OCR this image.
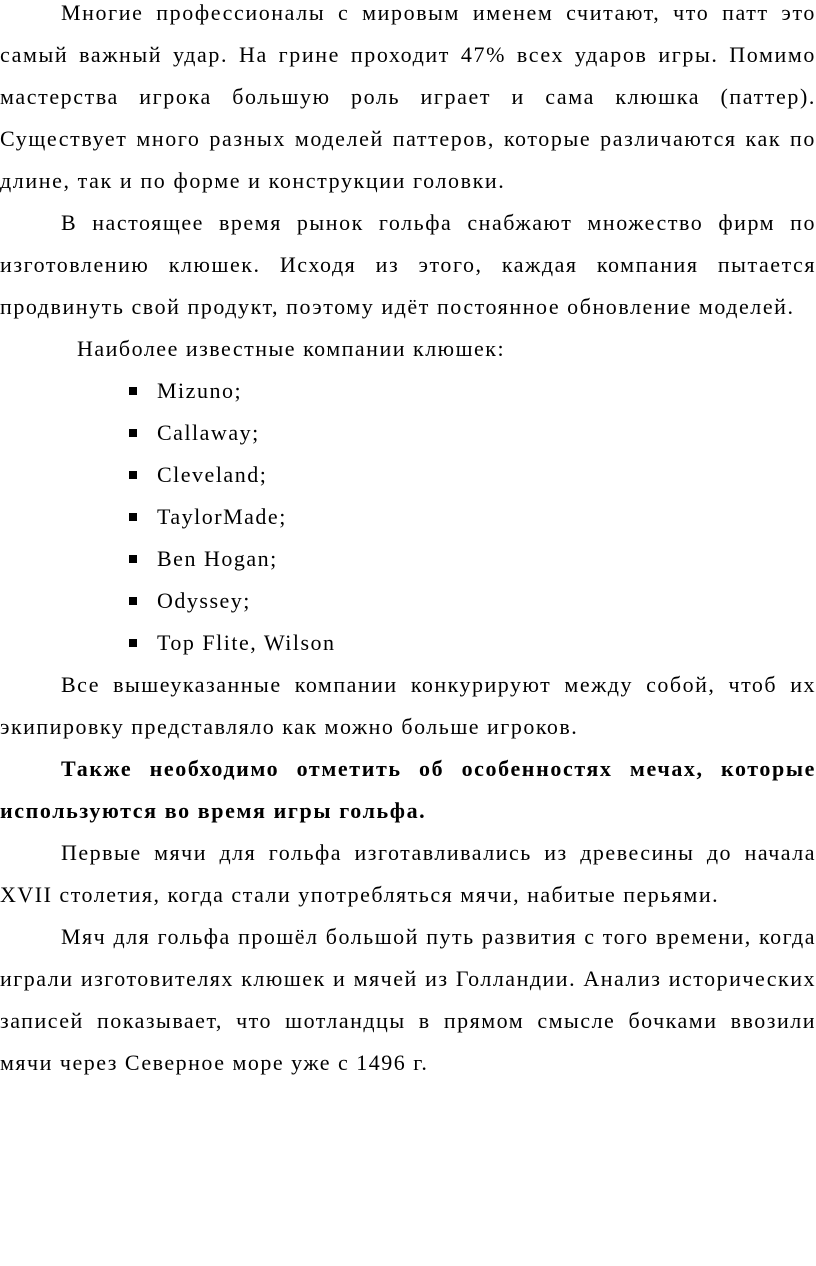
Многие профессионалы с мировым именем считают, что патт это самый важный удар. На грине проходит 47% всех ударов игры. Помимо мастерства игрока большую роль играет и сама клюшка (паттер). Существует много разных моделей паттеров, которые различаются как по длине, так и по форме и конструкции головки.

В настоящее время рынок гольфа снабжают множество фирм по изготовлению клюшек. Исходя из этого, каждая компания пытается продвинуть свой продукт, поэтому идёт постоянное обновление моделей.

Наиболее известные компании клюшек:

Mizuno;
Callaway;
Cleveland;
TaylorMade;
Ben Hogan;
Odyssey;
Top Flite, Wilson

Все вышеуказанные компании конкурируют между собой, чтоб их экипировку представляло как можно больше игроков.

Также необходимо отметить об особенностях мечах, которые используются во время игры гольфа.

Первые мячи для гольфа изготавливались из древесины до начала XVII столетия, когда стали употребляться мячи, набитые перьями.

Мяч для гольфа прошёл большой путь развития с того времени, когда играли изготовителях клюшек и мячей из Голландии. Анализ исторических записей показывает, что шотландцы в прямом смысле бочками ввозили мячи через Северное море уже с 1496 г.
